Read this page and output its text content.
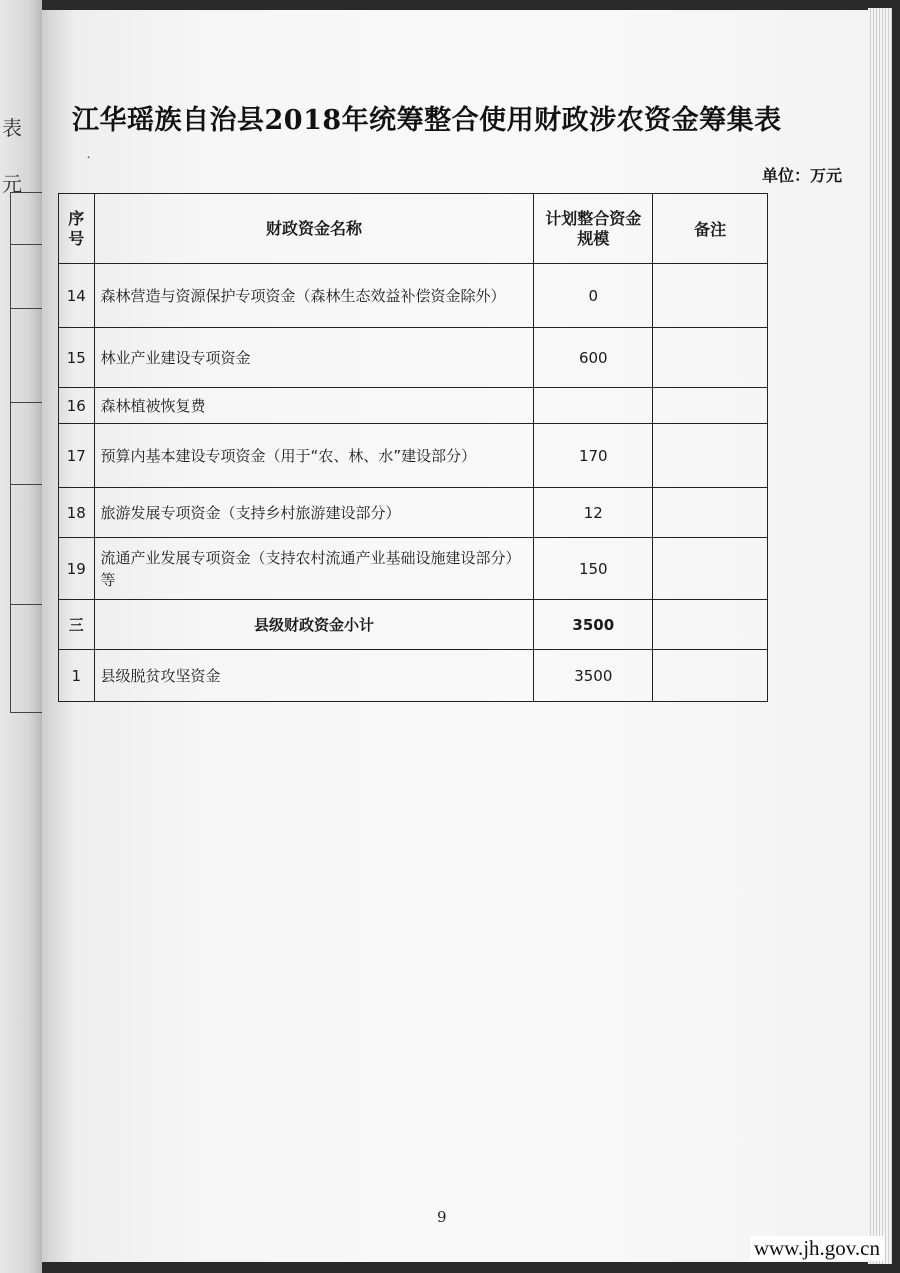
表
元
江华瑶族自治县2018年统筹整合使用财政涉农资金筹集表
·
单位：万元
序号	财政资金名称	计划整合资金规模	备注
14	森林营造与资源保护专项资金（森林生态效益补偿资金除外）	0	
15	林业产业建设专项资金	600	
16	森林植被恢复费		
17	预算内基本建设专项资金（用于“农、林、水”建设部分）	170	
18	旅游发展专项资金（支持乡村旅游建设部分）	12	
19	流通产业发展专项资金（支持农村流通产业基础设施建设部分）等	150	
三	县级财政资金小计	3500	
1	县级脱贫攻坚资金	3500	
9
www.jh.gov.cn
